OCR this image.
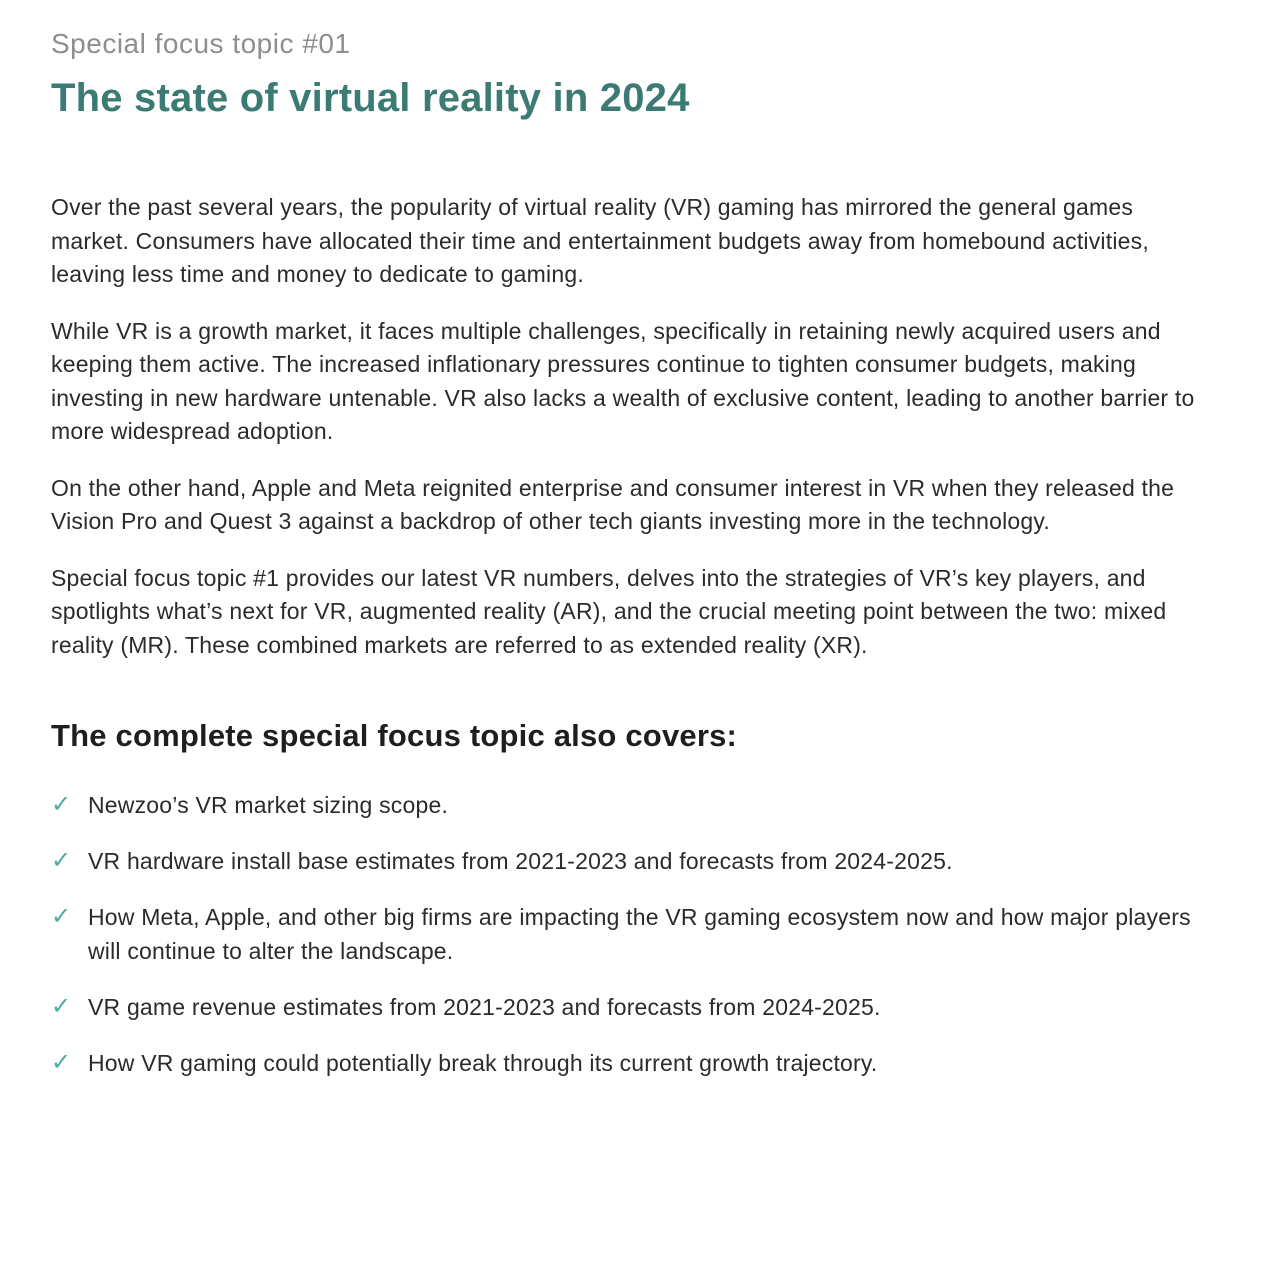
Special focus topic #01
The state of virtual reality in 2024

Over the past several years, the popularity of virtual reality (VR) gaming has mirrored the general games market. Consumers have allocated their time and entertainment budgets away from homebound activities, leaving less time and money to dedicate to gaming.

While VR is a growth market, it faces multiple challenges, specifically in retaining newly acquired users and keeping them active. The increased inflationary pressures continue to tighten consumer budgets, making investing in new hardware untenable. VR also lacks a wealth of exclusive content, leading to another barrier to more widespread adoption.

On the other hand, Apple and Meta reignited enterprise and consumer interest in VR when they released the Vision Pro and Quest 3 against a backdrop of other tech giants investing more in the technology.

Special focus topic #1 provides our latest VR numbers, delves into the strategies of VR’s key players, and spotlights what’s next for VR, augmented reality (AR), and the crucial meeting point between the two: mixed reality (MR). These combined markets are referred to as extended reality (XR).

The complete special focus topic also covers:
✓ Newzoo’s VR market sizing scope.
✓ VR hardware install base estimates from 2021-2023 and forecasts from 2024-2025.
✓ How Meta, Apple, and other big firms are impacting the VR gaming ecosystem now and how major players will continue to alter the landscape.
✓ VR game revenue estimates from 2021-2023 and forecasts from 2024-2025.
✓ How VR gaming could potentially break through its current growth trajectory.
